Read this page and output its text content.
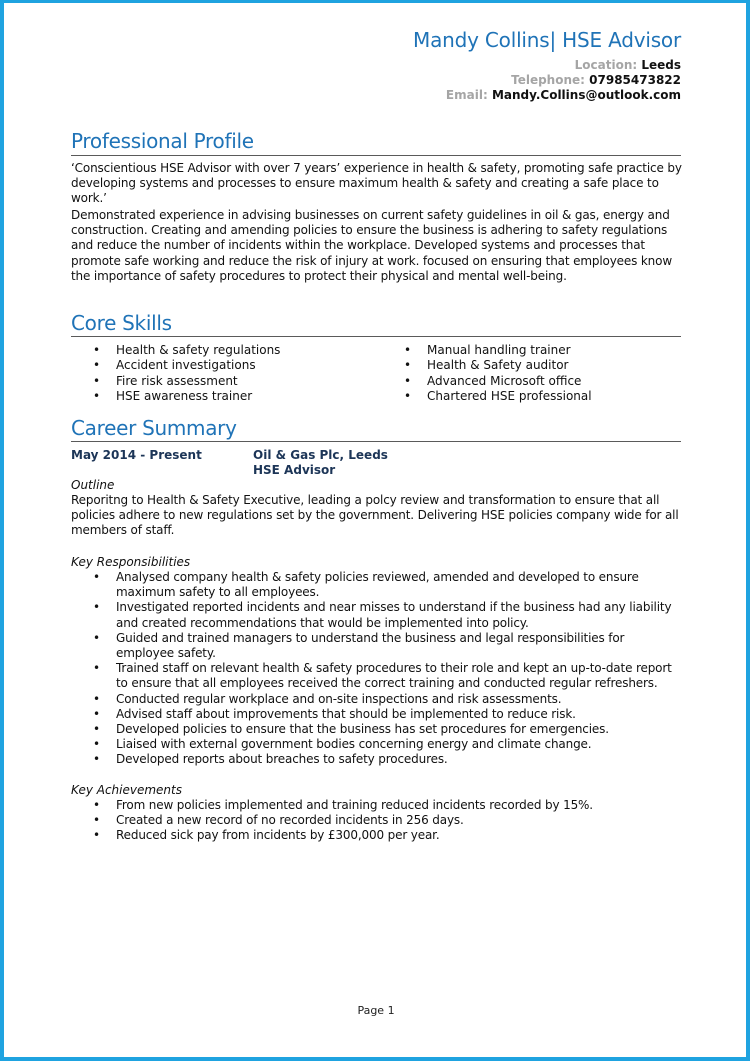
Mandy Collins| HSE Advisor
Location: Leeds
Telephone: 07985473822
Email: Mandy.Collins@outlook.com
Professional Profile
‘Conscientious HSE Advisor with over 7 years’ experience in health & safety, promoting safe practice by developing systems and processes to ensure maximum health & safety and creating a safe place to work.’
Demonstrated experience in advising businesses on current safety guidelines in oil & gas, energy and construction. Creating and amending policies to ensure the business is adhering to safety regulations and reduce the number of incidents within the workplace. Developed systems and processes that promote safe working and reduce the risk of injury at work. focused on ensuring that employees know the importance of safety procedures to protect their physical and mental well-being.
Core Skills
• Health & safety regulations
• Accident investigations
• Fire risk assessment
• HSE awareness trainer
• Manual handling trainer
• Health & Safety auditor
• Advanced Microsoft office
• Chartered HSE professional
Career Summary
May 2014 - Present	Oil & Gas Plc, Leeds
HSE Advisor
Outline
Reporitng to Health & Safety Executive, leading a polcy review and transformation to ensure that all policies adhere to new regulations set by the government. Delivering HSE policies company wide for all members of staff.
Key Responsibilities
• Analysed company health & safety policies reviewed, amended and developed to ensure maximum safety to all employees.
• Investigated reported incidents and near misses to understand if the business had any liability and created recommendations that would be implemented into policy.
• Guided and trained managers to understand the business and legal responsibilities for employee safety.
• Trained staff on relevant health & safety procedures to their role and kept an up-to-date report to ensure that all employees received the correct training and conducted regular refreshers.
• Conducted regular workplace and on-site inspections and risk assessments.
• Advised staff about improvements that should be implemented to reduce risk.
• Developed policies to ensure that the business has set procedures for emergencies.
• Liaised with external government bodies concerning energy and climate change.
• Developed reports about breaches to safety procedures.
Key Achievements
• From new policies implemented and training reduced incidents recorded by 15%.
• Created a new record of no recorded incidents in 256 days.
• Reduced sick pay from incidents by £300,000 per year.
Page 1
